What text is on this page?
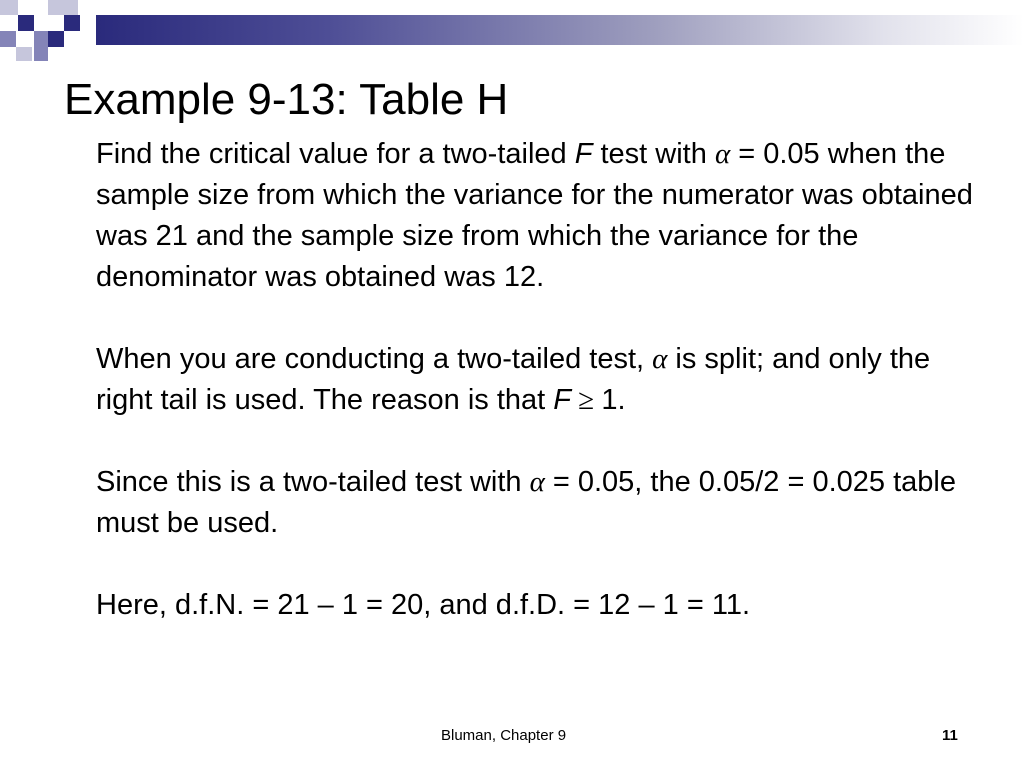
Example 9-13: Table H

Find the critical value for a two-tailed F test with α = 0.05 when the sample size from which the variance for the numerator was obtained was 21 and the sample size from which the variance for the denominator was obtained was 12.

When you are conducting a two-tailed test, α is split; and only the right tail is used. The reason is that F ≥ 1.

Since this is a two-tailed test with α = 0.05, the 0.05/2 = 0.025 table must be used.

Here, d.f.N. = 21 – 1 = 20, and d.f.D. = 12 – 1 = 11.

Bluman, Chapter 9	11
